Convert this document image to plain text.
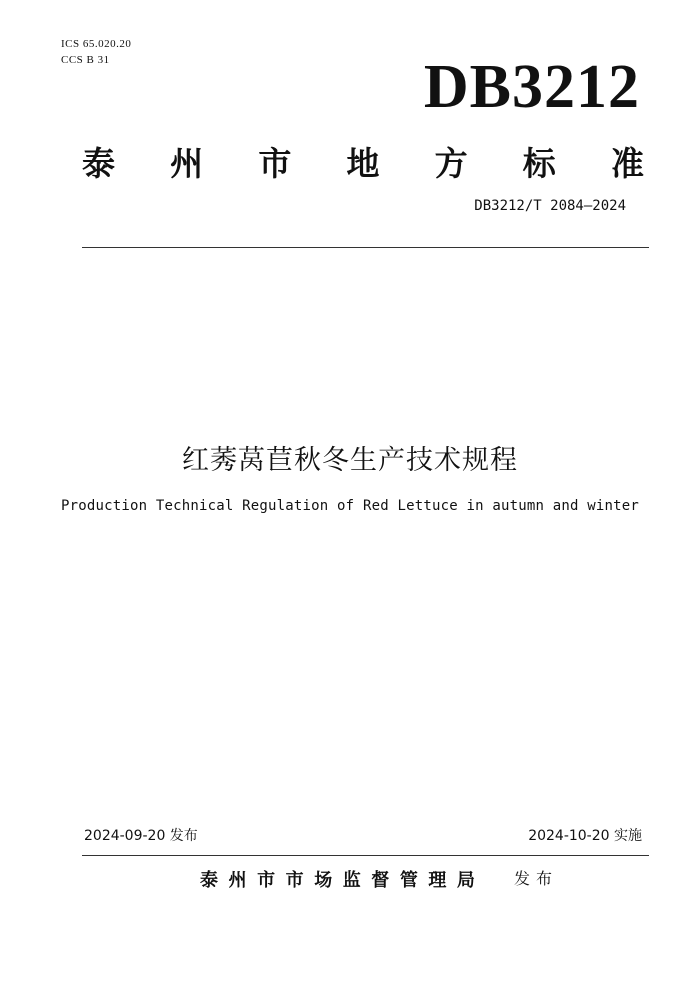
ICS 65.020.20
CCS B 31	DB3212
泰 州 市 地 方 标 准
DB3212/T 2084—2024
红莠莴苣秋冬生产技术规程
Production Technical Regulation of Red Lettuce in autumn and winter
2024-09-20 发布	2024-10-20 实施
泰 州 市 市 场 监 督 管 理 局 发布
